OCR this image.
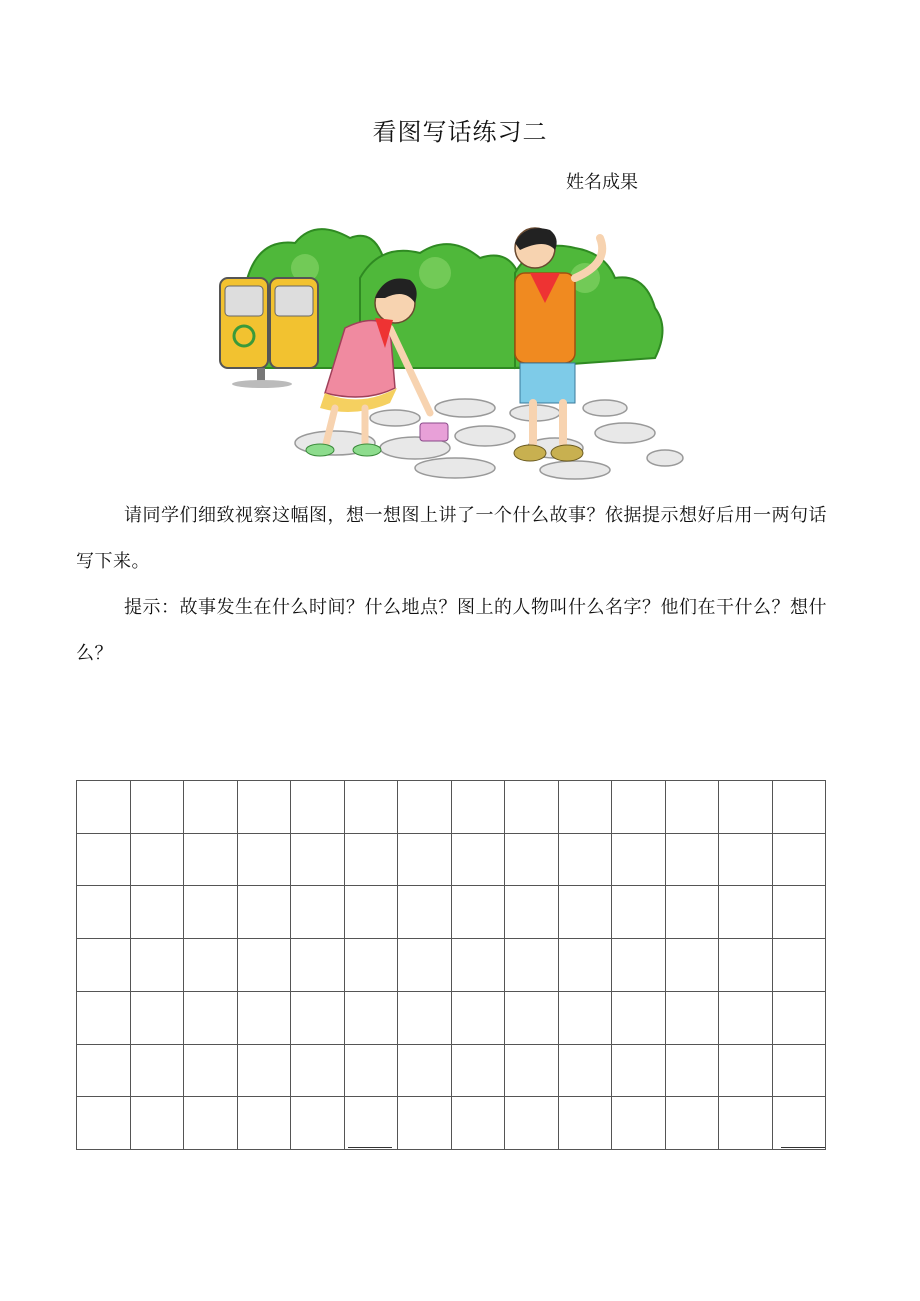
看图写话练习二
姓名成果

请同学们细致视察这幅图，想一想图上讲了一个什么故事？依据提示想好后用一两句话写下来。

提示：故事发生在什么时间？什么地点？图上的人物叫什么名字？他们在干什么？想什么？
